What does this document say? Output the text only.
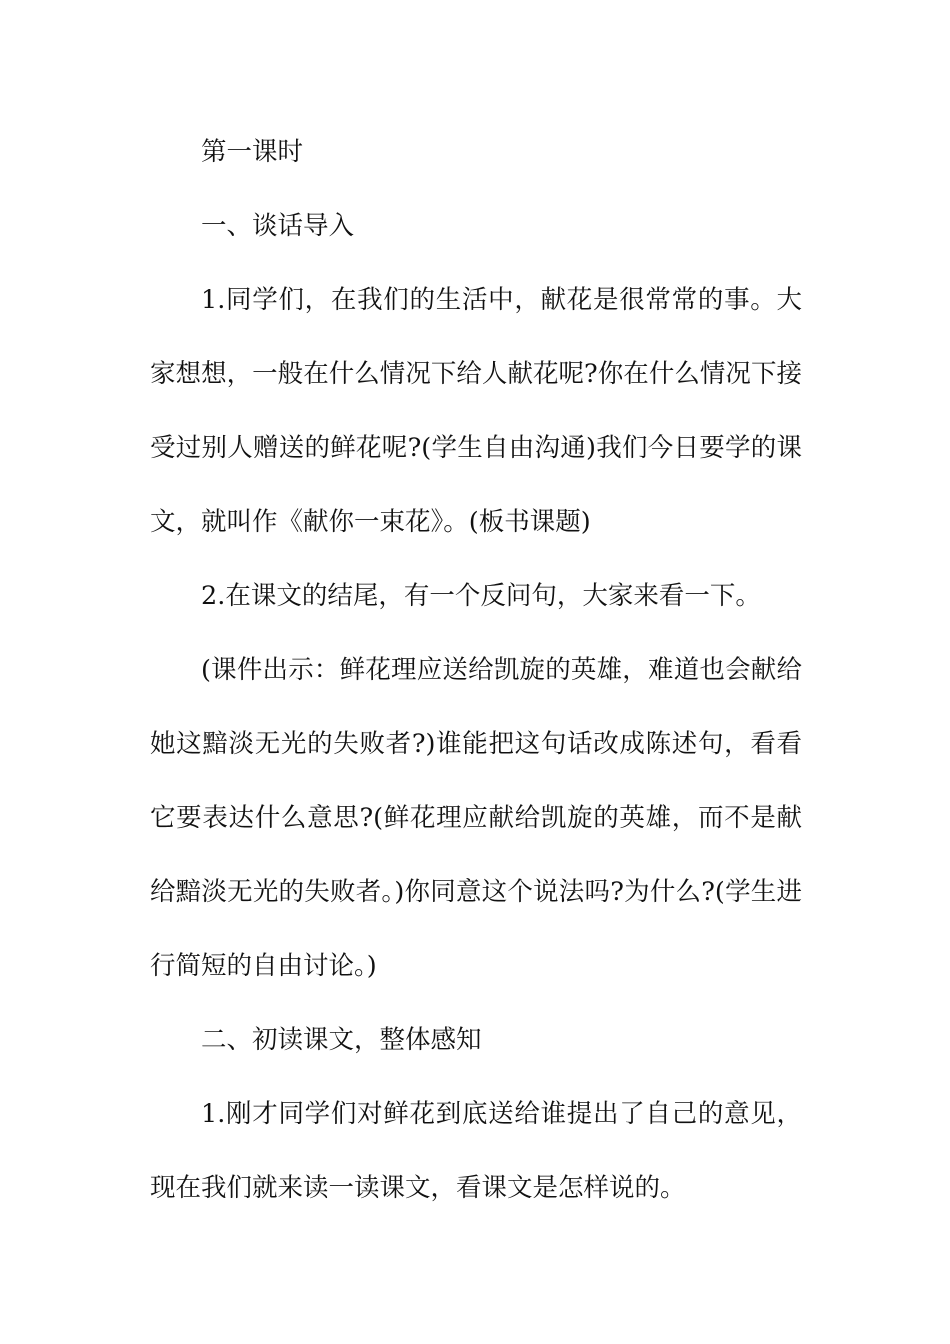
第一课时

一、谈话导入

1.同学们，在我们的生活中，献花是很常常的事。大家想想，一般在什么情况下给人献花呢?你在什么情况下接受过别人赠送的鲜花呢?(学生自由沟通)我们今日要学的课文，就叫作《献你一束花》。(板书课题)

2.在课文的结尾，有一个反问句，大家来看一下。

(课件出示：鲜花理应送给凯旋的英雄，难道也会献给她这黯淡无光的失败者?)谁能把这句话改成陈述句，看看它要表达什么意思?(鲜花理应献给凯旋的英雄，而不是献给黯淡无光的失败者。)你同意这个说法吗?为什么?(学生进行简短的自由讨论。)

二、初读课文，整体感知

1.刚才同学们对鲜花到底送给谁提出了自己的意见，现在我们就来读一读课文，看课文是怎样说的。
